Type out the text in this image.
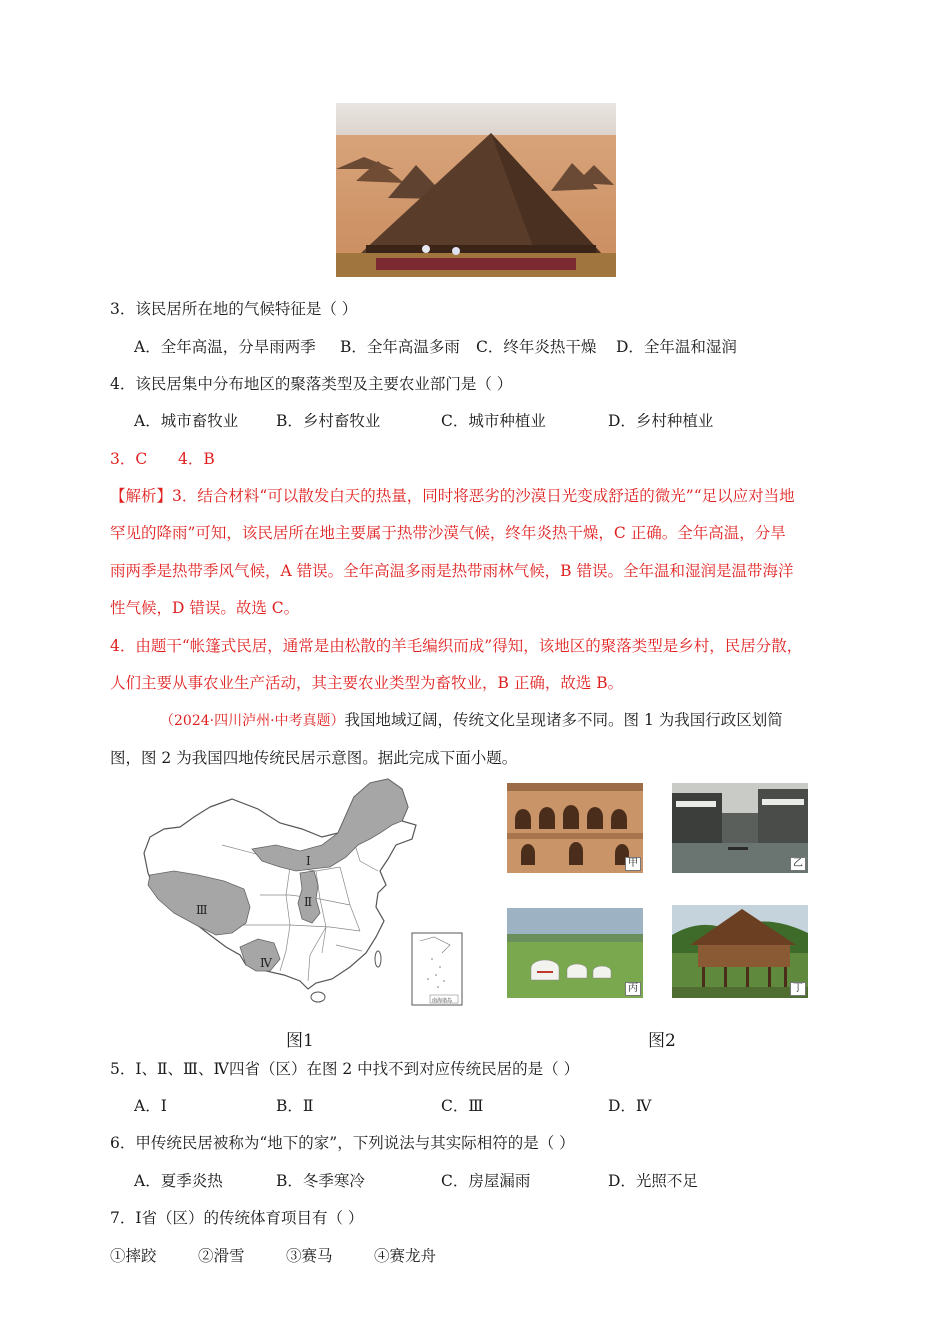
3．该民居所在地的气候特征是（ ）
A．全年高温，分旱雨两季 B．全年高温多雨 C．终年炎热干燥 D．全年温和湿润
4．该民居集中分布地区的聚落类型及主要农业部门是（ ）
A．城市畜牧业 B．乡村畜牧业	C．城市种植业	D．乡村种植业
3．C 4．B
【解析】3．结合材料“可以散发白天的热量，同时将恶劣的沙漠日光变成舒适的微光”“足以应对当地
罕见的降雨”可知，该民居所在地主要属于热带沙漠气候，终年炎热干燥，C 正确。全年高温，分旱
雨两季是热带季风气候，A 错误。全年高温多雨是热带雨林气候，B 错误。全年温和湿润是温带海洋
性气候，D 错误。故选 C。
4．由题干“帐篷式民居，通常是由松散的羊毛编织而成”得知，该地区的聚落类型是乡村，民居分散，
人们主要从事农业生产活动，其主要农业类型为畜牧业，B 正确，故选 B。
（2024·四川泸州·中考真题）我国地域辽阔，传统文化呈现诸多不同。图 1 为我国行政区划简
图，图 2 为我国四地传统民居示意图。据此完成下面小题。
Ⅰ
Ⅱ
Ⅲ
Ⅳ
南海诸岛
甲	乙
丙	丁
图1	图2
5．Ⅰ、Ⅱ、Ⅲ、Ⅳ四省（区）在图 2 中找不到对应传统民居的是（ ）
A．Ⅰ	B．Ⅱ	C．Ⅲ	D．Ⅳ
6．甲传统民居被称为“地下的家”，下列说法与其实际相符的是（ ）
A．夏季炎热	B．冬季寒冷	C．房屋漏雨	D．光照不足
7．Ⅰ省（区）的传统体育项目有（ ）
①摔跤	②滑雪	③赛马	④赛龙舟
